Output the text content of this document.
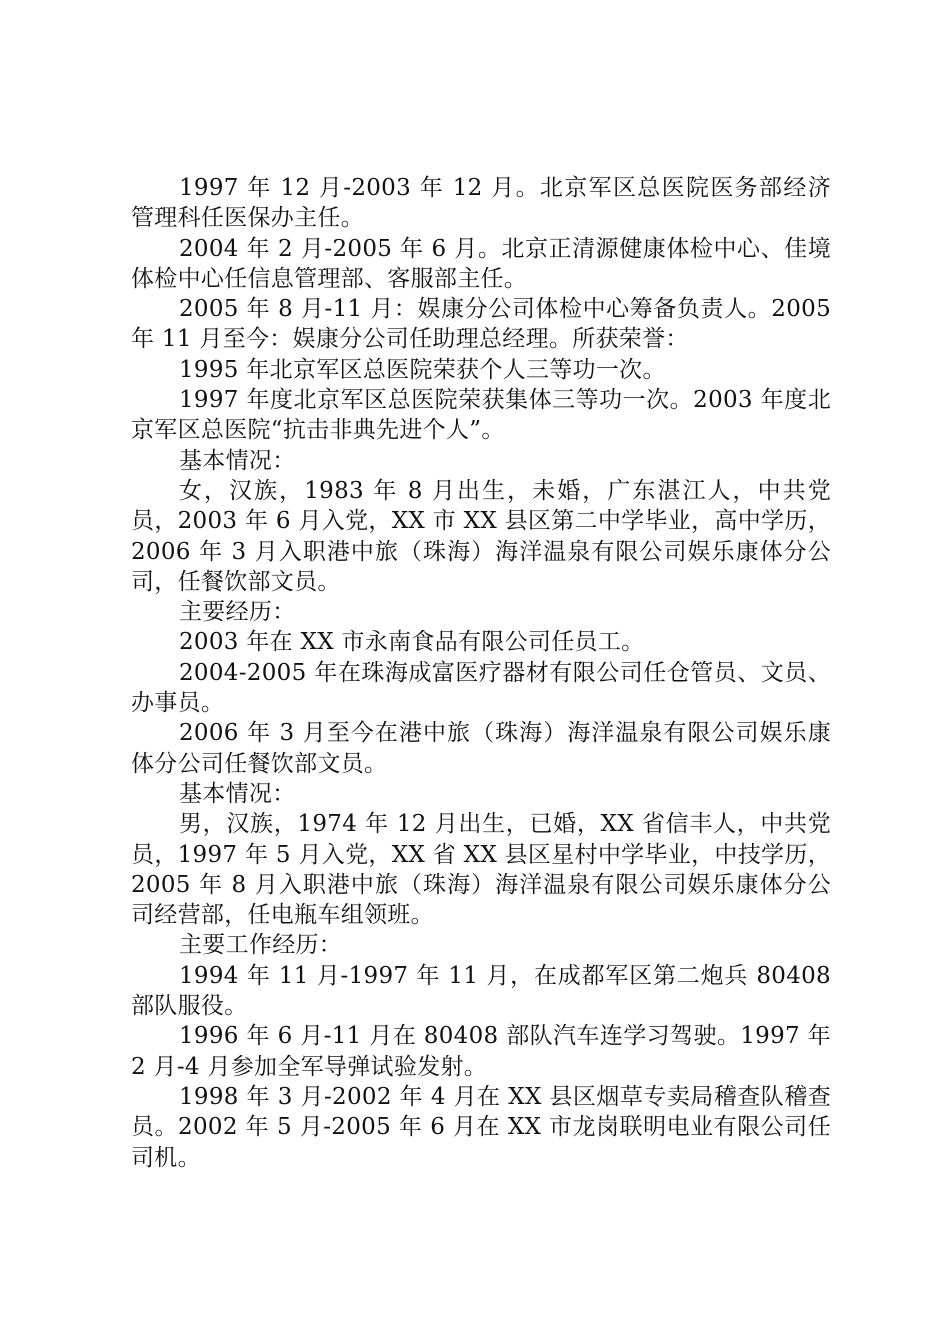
1997 年 12 月-2003 年 12 月。北京军区总医院医务部经济管理科任医保办主任。

2004 年 2 月-2005 年 6 月。北京正清源健康体检中心、佳境体检中心任信息管理部、客服部主任。

2005 年 8 月-11 月：娱康分公司体检中心筹备负责人。2005 年 11 月至今：娱康分公司任助理总经理。所获荣誉：

1995 年北京军区总医院荣获个人三等功一次。

1997 年度北京军区总医院荣获集体三等功一次。2003 年度北京军区总医院“抗击非典先进个人”。

基本情况：

女，汉族，1983 年 8 月出生，未婚，广东湛江人，中共党员，2003 年 6 月入党，XX 市 XX 县区第二中学毕业，高中学历，2006 年 3 月入职港中旅（珠海）海洋温泉有限公司娱乐康体分公司，任餐饮部文员。

主要经历：

2003 年在 XX 市永南食品有限公司任员工。

2004-2005 年在珠海成富医疗器材有限公司任仓管员、文员、办事员。

2006 年 3 月至今在港中旅（珠海）海洋温泉有限公司娱乐康体分公司任餐饮部文员。

基本情况：

男，汉族，1974 年 12 月出生，已婚，XX 省信丰人，中共党员，1997 年 5 月入党，XX 省 XX 县区星村中学毕业，中技学历，2005 年 8 月入职港中旅（珠海）海洋温泉有限公司娱乐康体分公司经营部，任电瓶车组领班。

主要工作经历：

1994 年 11 月-1997 年 11 月，在成都军区第二炮兵 80408 部队服役。

1996 年 6 月-11 月在 80408 部队汽车连学习驾驶。1997 年 2 月-4 月参加全军导弹试验发射。

1998 年 3 月-2002 年 4 月在 XX 县区烟草专卖局稽查队稽查员。2002 年 5 月-2005 年 6 月在 XX 市龙岗联明电业有限公司任司机。
